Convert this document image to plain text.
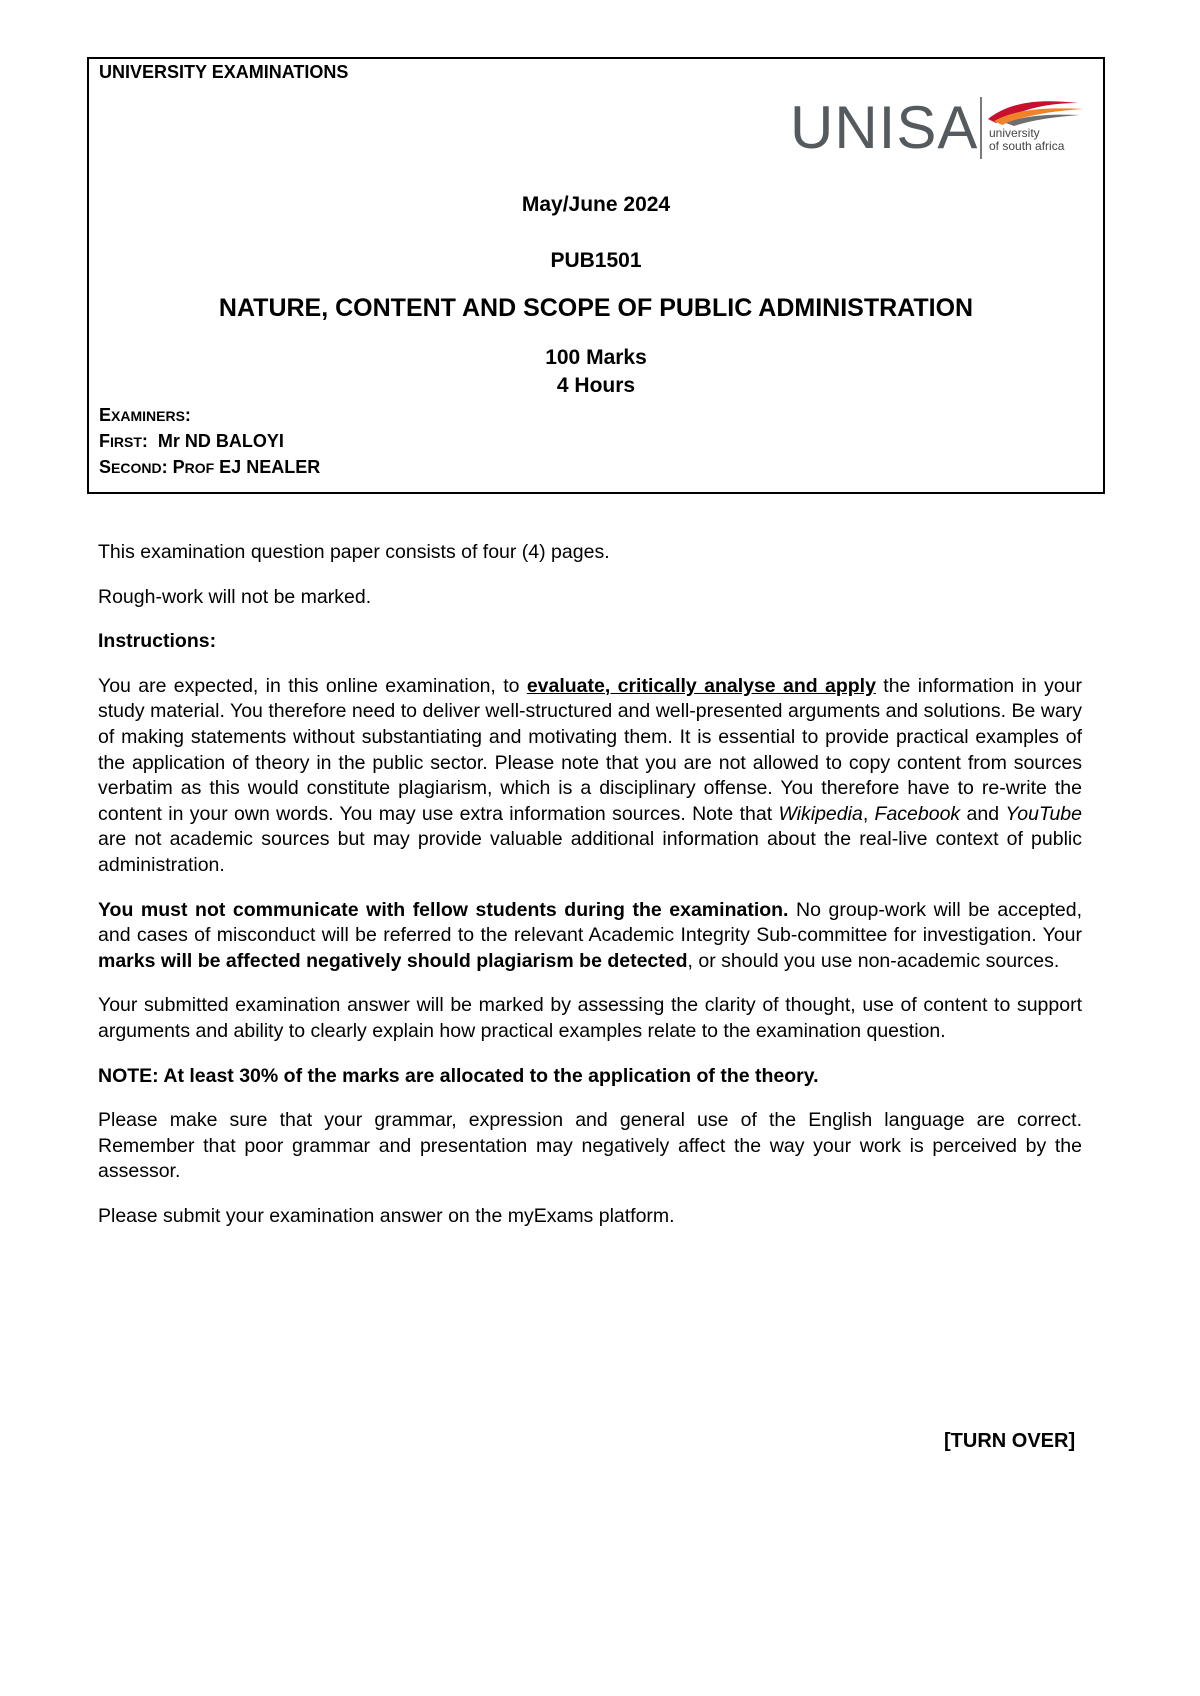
UNIVERSITY EXAMINATIONS
UNISA university
of south africa
May/June 2024
PUB1501
NATURE, CONTENT AND SCOPE OF PUBLIC ADMINISTRATION
100 Marks
4 Hours
EXAMINERS:
FIRST:  Mr ND BALOYI
SECOND: PROF EJ NEALER

This examination question paper consists of four (4) pages.

Rough-work will not be marked.

Instructions:

You are expected, in this online examination, to evaluate, critically analyse and apply the information in your study material. You therefore need to deliver well-structured and well-presented arguments and solutions. Be wary of making statements without substantiating and motivating them. It is essential to provide practical examples of the application of theory in the public sector. Please note that you are not allowed to copy content from sources verbatim as this would constitute plagiarism, which is a disciplinary offense. You therefore have to re-write the content in your own words. You may use extra information sources. Note that Wikipedia, Facebook and YouTube are not academic sources but may provide valuable additional information about the real-live context of public administration.

You must not communicate with fellow students during the examination. No group-work will be accepted, and cases of misconduct will be referred to the relevant Academic Integrity Sub-committee for investigation. Your marks will be affected negatively should plagiarism be detected, or should you use non-academic sources.

Your submitted examination answer will be marked by assessing the clarity of thought, use of content to support arguments and ability to clearly explain how practical examples relate to the examination question.

NOTE: At least 30% of the marks are allocated to the application of the theory.

Please make sure that your grammar, expression and general use of the English language are correct. Remember that poor grammar and presentation may negatively affect the way your work is perceived by the assessor.

Please submit your examination answer on the myExams platform.

[TURN OVER]
